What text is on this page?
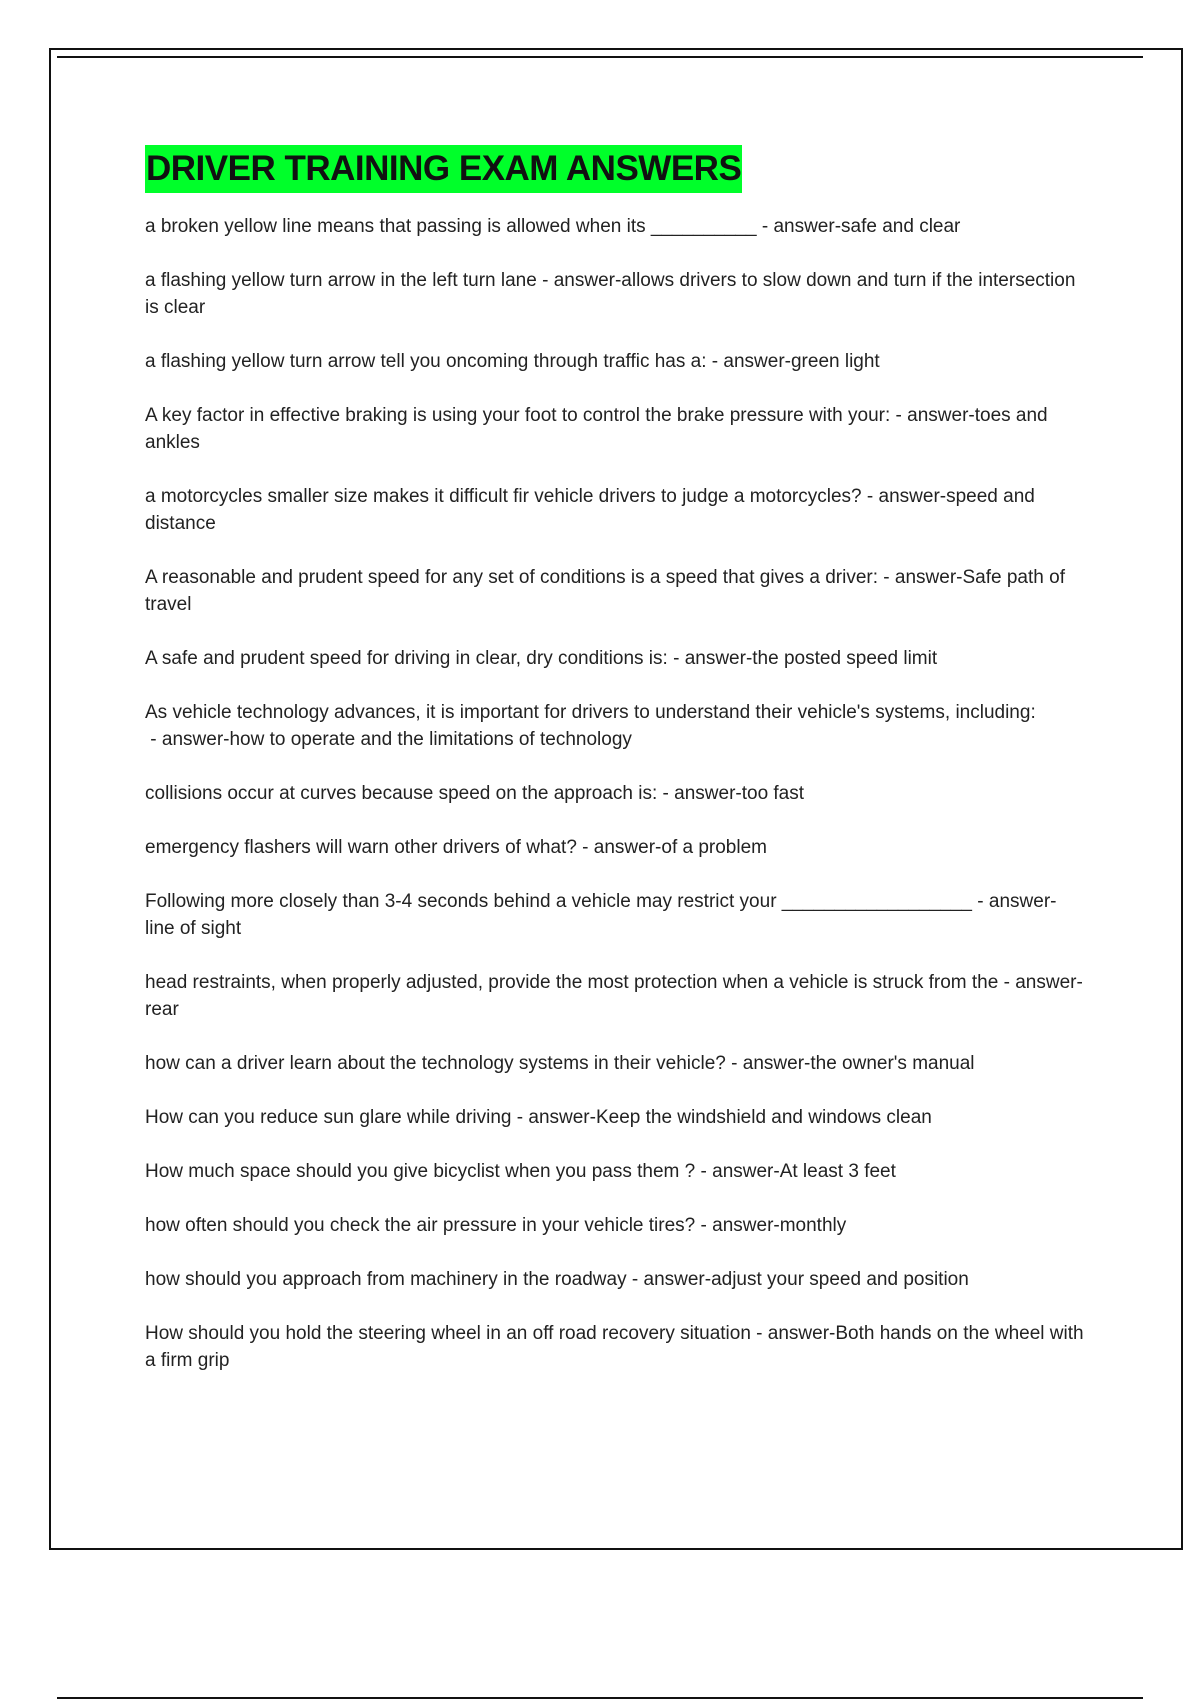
DRIVER TRAINING EXAM ANSWERS
a broken yellow line means that passing is allowed when its __________ - answer-safe and clear
a flashing yellow turn arrow in the left turn lane - answer-allows drivers to slow down and turn if the intersection is clear
a flashing yellow turn arrow tell you oncoming through traffic has a: - answer-green light
A key factor in effective braking is using your foot to control the brake pressure with your: - answer-toes and ankles
a motorcycles smaller size makes it difficult fir vehicle drivers to judge a motorcycles? - answer-speed and distance
A reasonable and prudent speed for any set of conditions is a speed that gives a driver: - answer-Safe path of travel
A safe and prudent speed for driving in clear, dry conditions is: - answer-the posted speed limit
As vehicle technology advances, it is important for drivers to understand their vehicle's systems, including: - answer-how to operate and the limitations of technology
collisions occur at curves because speed on the approach is: - answer-too fast
emergency flashers will warn other drivers of what? - answer-of a problem
Following more closely than 3-4 seconds behind a vehicle may restrict your __________________ - answer-line of sight
head restraints, when properly adjusted, provide the most protection when a vehicle is struck from the - answer-rear
how can a driver learn about the technology systems in their vehicle? - answer-the owner's manual
How can you reduce sun glare while driving - answer-Keep the windshield and windows clean
How much space should you give bicyclist when you pass them ? - answer-At least 3 feet
how often should you check the air pressure in your vehicle tires? - answer-monthly
how should you approach from machinery in the roadway - answer-adjust your speed and position
How should you hold the steering wheel in an off road recovery situation - answer-Both hands on the wheel with a firm grip
